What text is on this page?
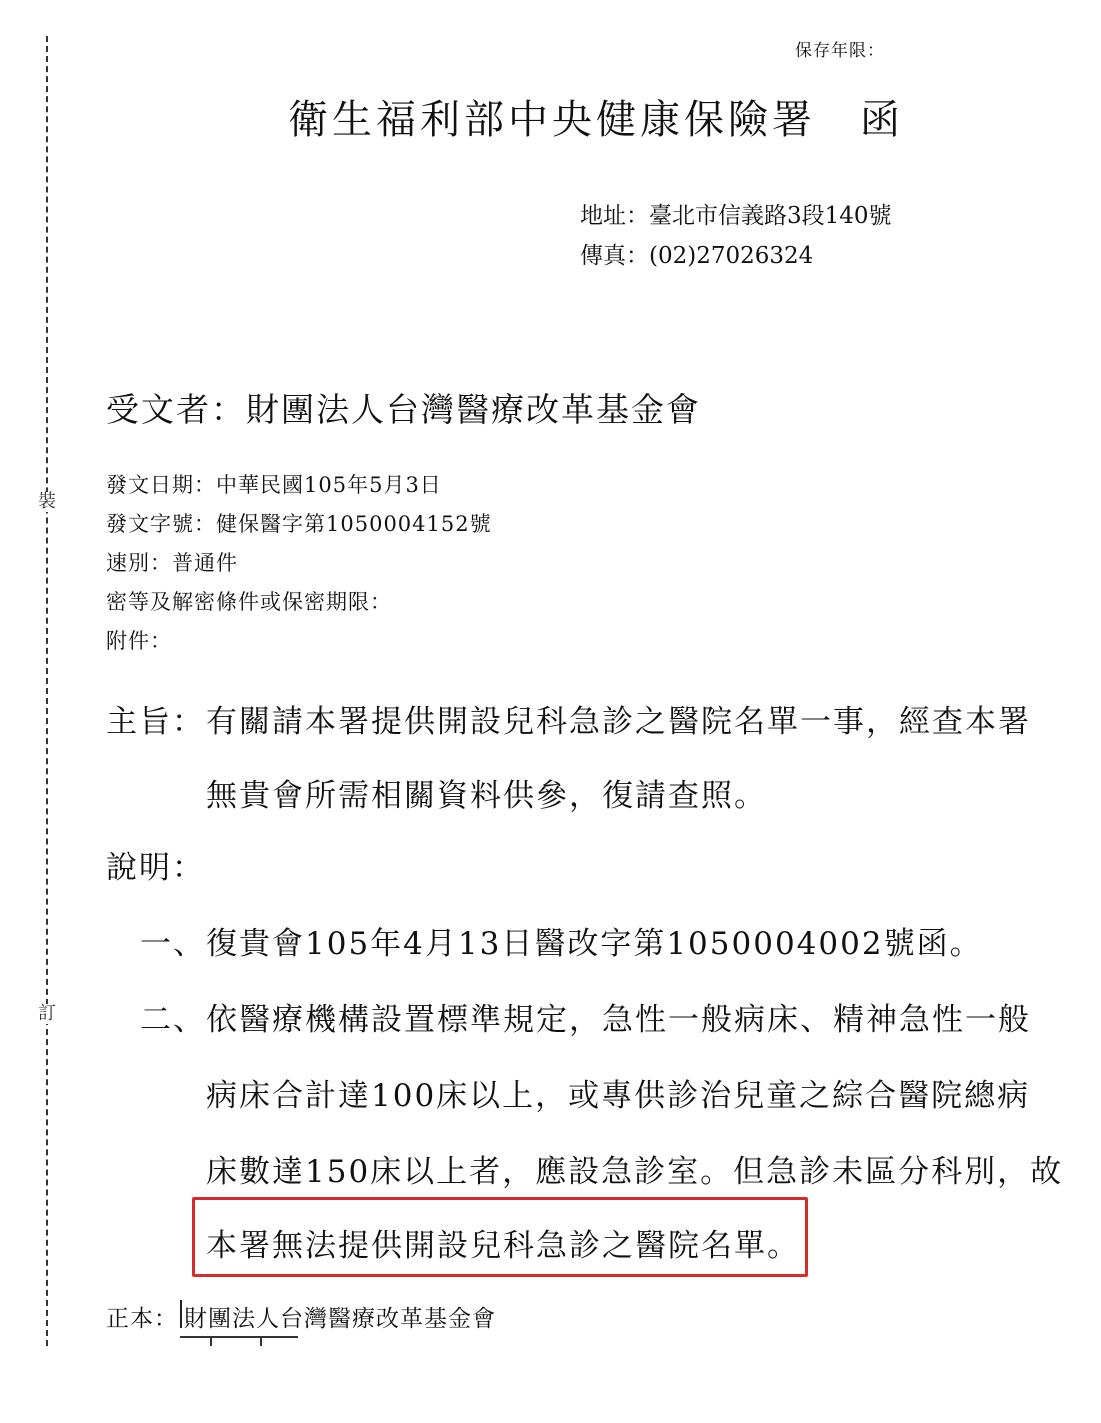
裝
訂
保存年限：
衛生福利部中央健康保險署 函
地址：臺北市信義路3段140號
傳真：(02)27026324
受文者：財團法人台灣醫療改革基金會
發文日期：中華民國105年5月3日
發文字號：健保醫字第1050004152號
速別：普通件
密等及解密條件或保密期限：
附件：
主旨： 有關請本署提供開設兒科急診之醫院名單一事，經查本署
無貴會所需相關資料供參，復請查照。
說明：
一、 復貴會105年4月13日醫改字第1050004002號函。
二、 依醫療機構設置標準規定，急性一般病床、精神急性一般
病床合計達100床以上，或專供診治兒童之綜合醫院總病
床數達150床以上者，應設急診室。但急診未區分科別，故
本署無法提供開設兒科急診之醫院名單。
正本： 財團法人台灣醫療改革基金會
